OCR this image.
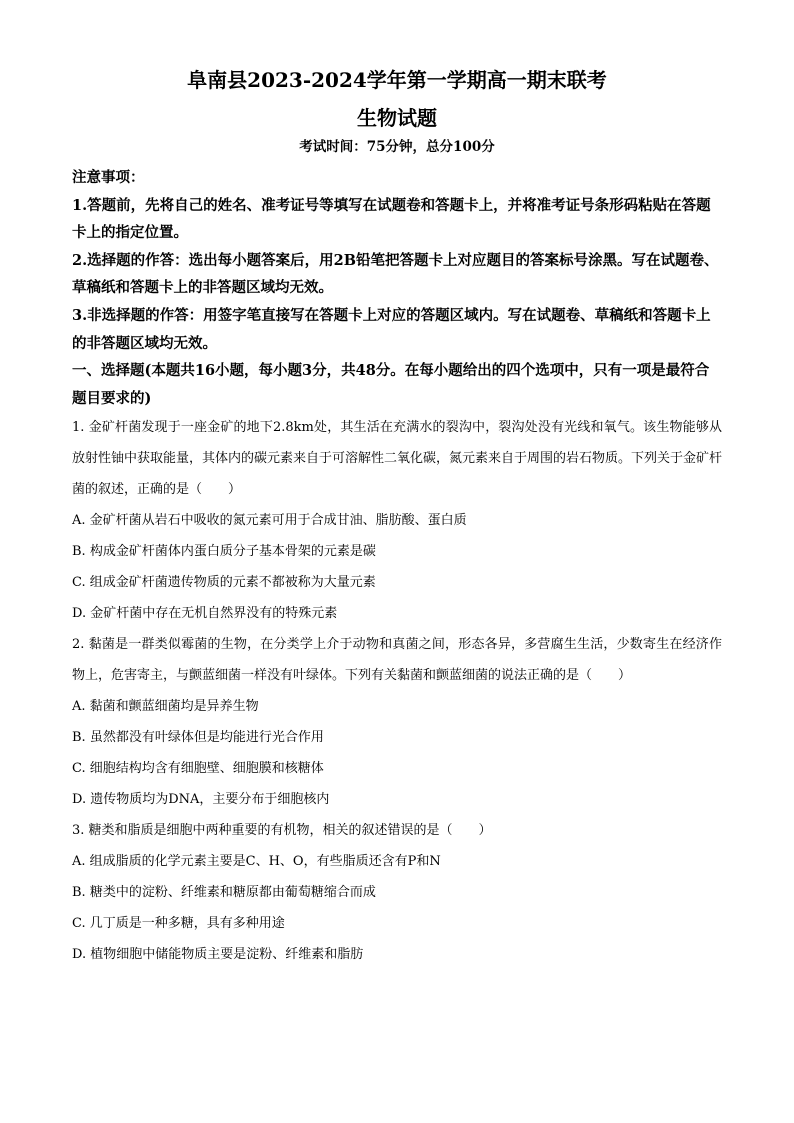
阜南县2023-2024学年第一学期高一期末联考
生物试题
考试时间：75分钟，总分100分

注意事项：

1.答题前，先将自己的姓名、准考证号等填写在试题卷和答题卡上，并将准考证号条形码粘贴在答题卡上的指定位置。

2.选择题的作答：选出每小题答案后，用2B铅笔把答题卡上对应题目的答案标号涂黑。写在试题卷、草稿纸和答题卡上的非答题区域均无效。

3.非选择题的作答：用签字笔直接写在答题卡上对应的答题区域内。写在试题卷、草稿纸和答题卡上的非答题区域均无效。

一、选择题(本题共16小题，每小题3分，共48分。在每小题给出的四个选项中，只有一项是最符合题目要求的)

1. 金矿杆菌发现于一座金矿的地下2.8km处，其生活在充满水的裂沟中，裂沟处没有光线和氧气。该生物能够从放射性铀中获取能量，其体内的碳元素来自于可溶解性二氧化碳，氮元素来自于周围的岩石物质。下列关于金矿杆菌的叙述，正确的是（　　）

A. 金矿杆菌从岩石中吸收的氮元素可用于合成甘油、脂肪酸、蛋白质

B. 构成金矿杆菌体内蛋白质分子基本骨架的元素是碳

C. 组成金矿杆菌遗传物质的元素不都被称为大量元素

D. 金矿杆菌中存在无机自然界没有的特殊元素

2. 黏菌是一群类似霉菌的生物，在分类学上介于动物和真菌之间，形态各异，多营腐生生活，少数寄生在经济作物上，危害寄主，与颤蓝细菌一样没有叶绿体。下列有关黏菌和颤蓝细菌的说法正确的是（　　）

A. 黏菌和颤蓝细菌均是异养生物

B. 虽然都没有叶绿体但是均能进行光合作用

C. 细胞结构均含有细胞壁、细胞膜和核糖体

D. 遗传物质均为DNA，主要分布于细胞核内

3. 糖类和脂质是细胞中两种重要的有机物，相关的叙述错误的是（　　）

A. 组成脂质的化学元素主要是C、H、O，有些脂质还含有P和N

B. 糖类中的淀粉、纤维素和糖原都由葡萄糖缩合而成

C. 几丁质是一种多糖，具有多种用途

D. 植物细胞中储能物质主要是淀粉、纤维素和脂肪
